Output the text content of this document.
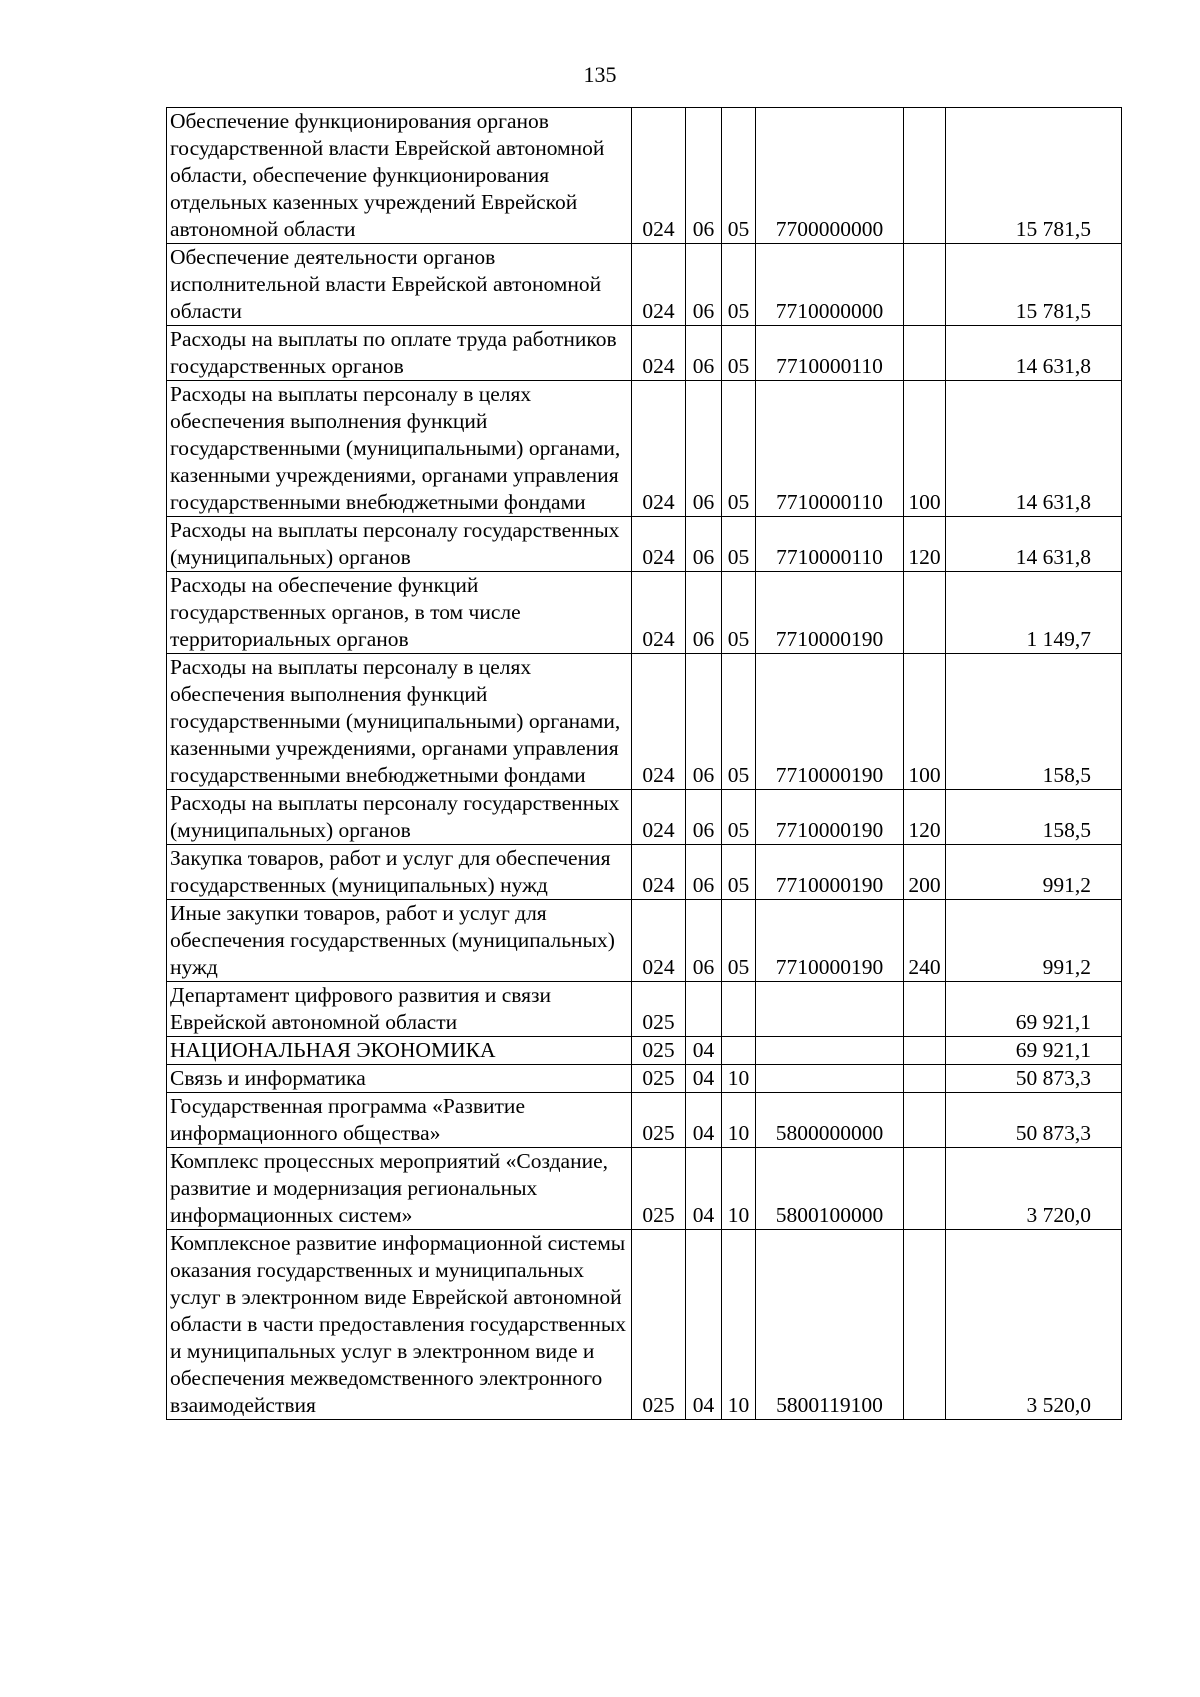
135
Обеспечение функционирования органов государственной власти Еврейской автономной области, обеспечение функционирования отдельных казенных учреждений Еврейской автономной области	024	06	05	7700000000		15 781,5
Обеспечение деятельности органов исполнительной власти Еврейской автономной области	024	06	05	7710000000		15 781,5
Расходы на выплаты по оплате труда работников государственных органов	024	06	05	7710000110		14 631,8
Расходы на выплаты персоналу в целях обеспечения выполнения функций государственными (муниципальными) органами, казенными учреждениями, органами управления государственными внебюджетными фондами	024	06	05	7710000110	100	14 631,8
Расходы на выплаты персоналу государственных (муниципальных) органов	024	06	05	7710000110	120	14 631,8
Расходы на обеспечение функций государственных органов, в том числе территориальных органов	024	06	05	7710000190		1 149,7
Расходы на выплаты персоналу в целях обеспечения выполнения функций государственными (муниципальными) органами, казенными учреждениями, органами управления государственными внебюджетными фондами	024	06	05	7710000190	100	158,5
Расходы на выплаты персоналу государственных (муниципальных) органов	024	06	05	7710000190	120	158,5
Закупка товаров, работ и услуг для обеспечения государственных (муниципальных) нужд	024	06	05	7710000190	200	991,2
Иные закупки товаров, работ и услуг для обеспечения государственных (муниципальных) нужд	024	06	05	7710000190	240	991,2
Департамент цифрового развития и связи Еврейской автономной области	025					69 921,1
НАЦИОНАЛЬНАЯ ЭКОНОМИКА	025	04				69 921,1
Связь и информатика	025	04	10			50 873,3
Государственная программа «Развитие информационного общества»	025	04	10	5800000000		50 873,3
Комплекс процессных мероприятий «Создание, развитие и модернизация региональных информационных систем»	025	04	10	5800100000		3 720,0
Комплексное развитие информационной системы оказания государственных и муниципальных услуг в электронном виде Еврейской автономной области в части предоставления государственных и муниципальных услуг в электронном виде и обеспечения межведомственного электронного взаимодействия	025	04	10	5800119100		3 520,0
